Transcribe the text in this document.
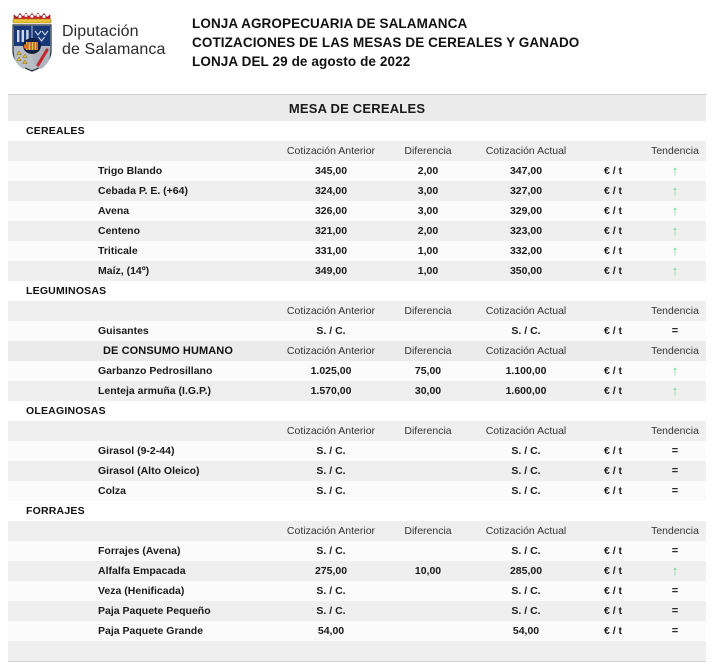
Diputación
de Salamanca
LONJA AGROPECUARIA DE SALAMANCA
COTIZACIONES DE LAS MESAS DE CEREALES Y GANADO
LONJA DEL 29 de agosto de 2022
MESA DE CEREALES					
CEREALES					
	Cotización Anterior	Diferencia	Cotización Actual		Tendencia
Trigo Blando	345,00	2,00	347,00	€ / t	↑
Cebada P. E. (+64)	324,00	3,00	327,00	€ / t	↑
Avena	326,00	3,00	329,00	€ / t	↑
Centeno	321,00	2,00	323,00	€ / t	↑
Triticale	331,00	1,00	332,00	€ / t	↑
Maíz, (14º)	349,00	1,00	350,00	€ / t	↑
LEGUMINOSAS					
	Cotización Anterior	Diferencia	Cotización Actual		Tendencia
Guisantes	S. / C.		S. / C.	€ / t	=
DE CONSUMO HUMANO	Cotización Anterior	Diferencia	Cotización Actual		Tendencia
Garbanzo Pedrosillano	1.025,00	75,00	1.100,00	€ / t	↑
Lenteja armuña (I.G.P.)	1.570,00	30,00	1.600,00	€ / t	↑
OLEAGINOSAS					
	Cotización Anterior	Diferencia	Cotización Actual		Tendencia
Girasol (9-2-44)	S. / C.		S. / C.	€ / t	=
Girasol (Alto Oleico)	S. / C.		S. / C.	€ / t	=
Colza	S. / C.		S. / C.	€ / t	=
FORRAJES					
	Cotización Anterior	Diferencia	Cotización Actual		Tendencia
Forrajes (Avena)	S. / C.		S. / C.	€ / t	=
Alfalfa Empacada	275,00	10,00	285,00	€ / t	↑
Veza (Henificada)	S. / C.		S. / C.	€ / t	=
Paja Paquete Pequeño	S. / C.		S. / C.	€ / t	=
Paja Paquete Grande	54,00		54,00	€ / t	=
